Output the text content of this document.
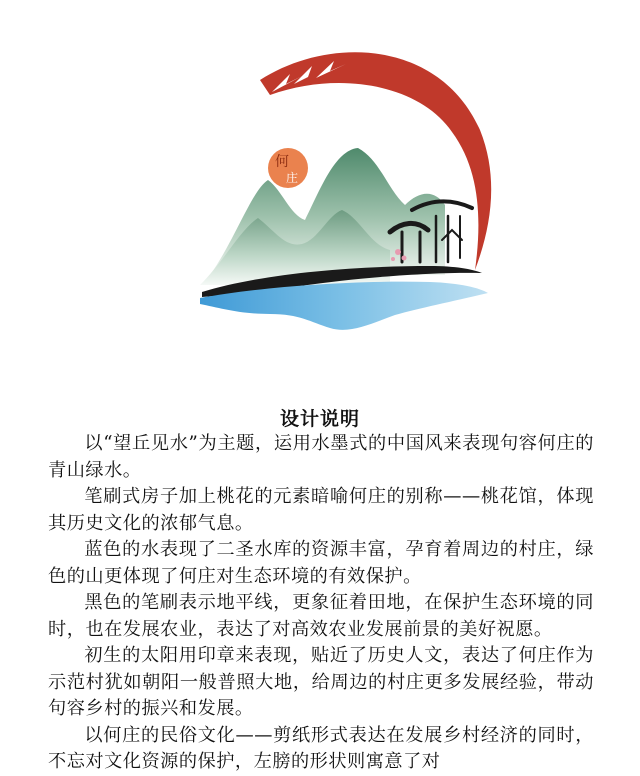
何
庄
设计说明

以“望丘见水”为主题，运用水墨式的中国风来表现句容何庄的青山绿水。

笔刷式房子加上桃花的元素暗喻何庄的别称——桃花馆，体现其历史文化的浓郁气息。

蓝色的水表现了二圣水库的资源丰富，孕育着周边的村庄，绿色的山更体现了何庄对生态环境的有效保护。

黑色的笔刷表示地平线，更象征着田地，在保护生态环境的同时，也在发展农业，表达了对高效农业发展前景的美好祝愿。

初生的太阳用印章来表现，贴近了历史人文，表达了何庄作为示范村犹如朝阳一般普照大地，给周边的村庄更多发展经验，带动句容乡村的振兴和发展。

以何庄的民俗文化——剪纸形式表达在发展乡村经济的同时，不忘对文化资源的保护，左膀的形状则寓意了对
